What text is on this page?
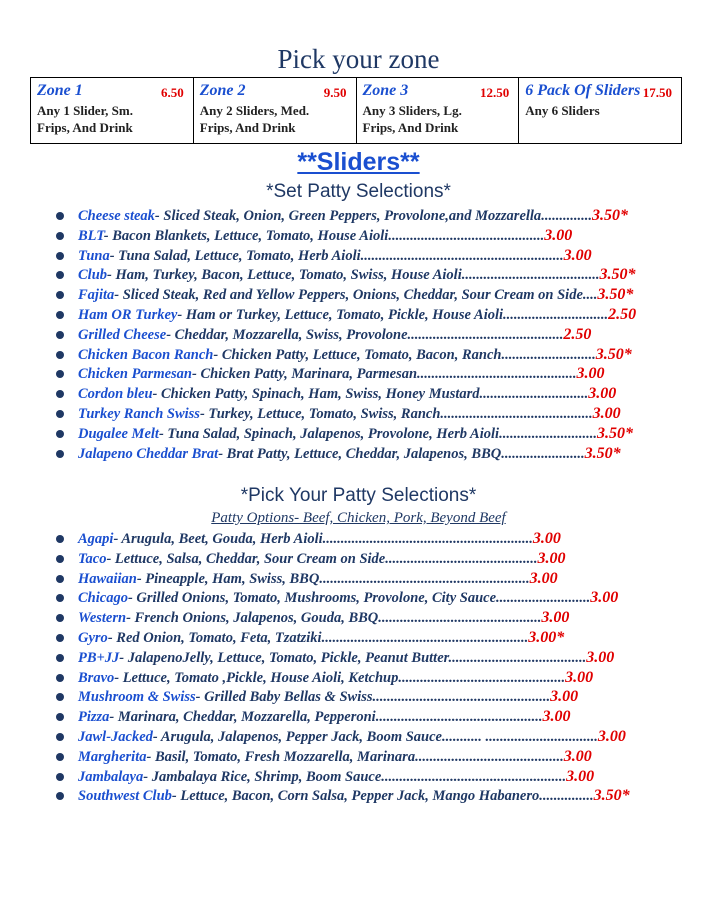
Pick your zone
Zone 1	6.50
Any 1 Slider, Sm.
Frips, And Drink

Zone 2	9.50
Any 2 Sliders, Med.
Frips, And Drink

Zone 3	12.50
Any 3 Sliders, Lg.
Frips, And Drink

6 Pack Of Sliders 17.50
Any 6 Sliders
**Sliders**
*Set Patty Selections*
Cheese steak- Sliced Steak, Onion, Green Peppers, Provolone,and Mozzarella..............3.50*
BLT- Bacon Blankets, Lettuce, Tomato, House Aioli...........................................3.00
Tuna- Tuna Salad, Lettuce, Tomato, Herb Aioli........................................................3.00
Club- Ham, Turkey, Bacon, Lettuce, Tomato, Swiss, House Aioli......................................3.50*
Fajita- Sliced Steak, Red and Yellow Peppers, Onions, Cheddar, Sour Cream on Side....3.50*
Ham OR Turkey- Ham or Turkey, Lettuce, Tomato, Pickle, House Aioli.............................2.50
Grilled Cheese- Cheddar, Mozzarella, Swiss, Provolone...........................................2.50
Chicken Bacon Ranch- Chicken Patty, Lettuce, Tomato, Bacon, Ranch..........................3.50*
Chicken Parmesan- Chicken Patty, Marinara, Parmesan............................................3.00
Cordon bleu- Chicken Patty, Spinach, Ham, Swiss, Honey Mustard..............................3.00
Turkey Ranch Swiss- Turkey, Lettuce, Tomato, Swiss, Ranch..........................................3.00
Dugalee Melt- Tuna Salad, Spinach, Jalapenos, Provolone, Herb Aioli...........................3.50*
Jalapeno Cheddar Brat- Brat Patty, Lettuce, Cheddar, Jalapenos, BBQ.......................3.50*
*Pick Your Patty Selections*
Patty Options- Beef, Chicken, Pork, Beyond Beef
Agapi- Arugula, Beet, Gouda, Herb Aioli..........................................................3.00
Taco- Lettuce, Salsa, Cheddar, Sour Cream on Side..........................................3.00
Hawaiian- Pineapple, Ham, Swiss, BBQ..........................................................3.00
Chicago- Grilled Onions, Tomato, Mushrooms, Provolone, City Sauce..........................3.00
Western- French Onions, Jalapenos, Gouda, BBQ.............................................3.00
Gyro- Red Onion, Tomato, Feta, Tzatziki.........................................................3.00*
PB+JJ- JalapenoJelly, Lettuce, Tomato, Pickle, Peanut Butter......................................3.00
Bravo- Lettuce, Tomato ,Pickle, House Aioli, Ketchup..............................................3.00
Mushroom & Swiss- Grilled Baby Bellas & Swiss.................................................3.00
Pizza- Marinara, Cheddar, Mozzarella, Pepperoni..............................................3.00
Jawl-Jacked- Arugula, Jalapenos, Pepper Jack, Boom Sauce........... ...............................3.00
Margherita- Basil, Tomato, Fresh Mozzarella, Marinara.........................................3.00
Jambalaya- Jambalaya Rice, Shrimp, Boom Sauce...................................................3.00
Southwest Club- Lettuce, Bacon, Corn Salsa, Pepper Jack, Mango Habanero...............3.50*
